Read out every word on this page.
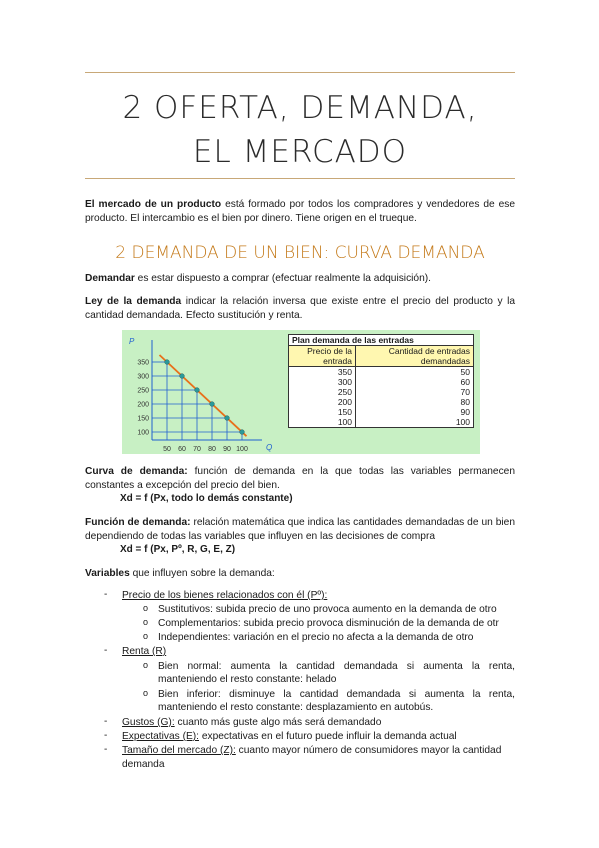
2 OFERTA, DEMANDA,
EL MERCADO
El mercado de un producto está formado por todos los compradores y vendedores de ese producto. El intercambio es el bien por dinero. Tiene origen en el trueque.
2 DEMANDA DE UN BIEN: CURVA DEMANDA
Demandar es estar dispuesto a comprar (efectuar realmente la adquisición).
Ley de la demanda indicar la relación inversa que existe entre el precio del producto y la cantidad demandada. Efecto sustitución y renta.
350
300
250
200
150
100
50 60 70 80 90 100
P
Q
Plan demanda de las entradas	
Precio de la entrada	Cantidad de entradas demandadas
350	50
300	60
250	70
200	80
150	90
100	100
Curva de demanda: función de demanda en la que todas las variables permanecen constantes a excepción del precio del bien.
Xd = f (Px, todo lo demás constante)
Función de demanda: relación matemática que indica las cantidades demandadas de un bien dependiendo de todas las variables que influyen en las decisiones de compra
Xd = f (Px, Pº, R, G, E, Z)
Variables que influyen sobre la demanda:
- Precio de los bienes relacionados con él (Pº):
o Sustitutivos: subida precio de uno provoca aumento en la demanda de otro
o Complementarios: subida precio provoca disminución de la demanda de otr
o Independientes: variación en el precio no afecta a la demanda de otro
- Renta (R)
o Bien normal: aumenta la cantidad demandada si aumenta la renta,
manteniendo el resto constante: helado
o Bien inferior: disminuye la cantidad demandada si aumenta la renta,
manteniendo el resto constante: desplazamiento en autobús.
- Gustos (G): cuanto más guste algo más será demandado
- Expectativas (E): expectativas en el futuro puede influir la demanda actual
- Tamaño del mercado (Z): cuanto mayor número de consumidores mayor la cantidad
demanda
